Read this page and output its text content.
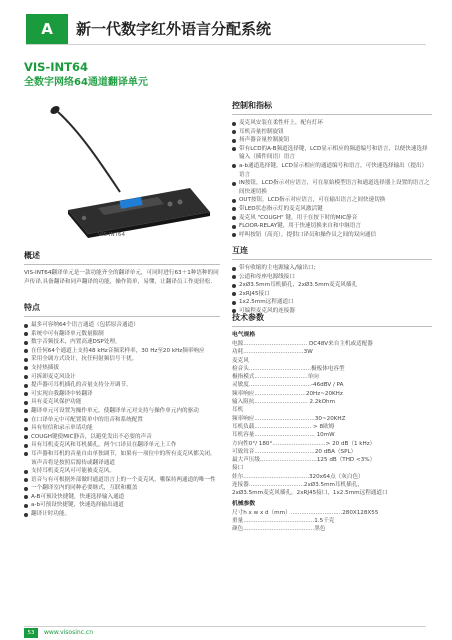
A	新一代数字红外语言分配系统
VIS-INT64
全数字网络64通道翻译单元
VIS-INT64
概述
VIS-INT64翻译单元是一款功能齐全的翻译单元，可同时进行63＋1种语种的同声传译,具备翻译和同声翻译的功能，操作简单，易懂，让翻译员工作更轻松.
特点
最多可容纳64个语言通道（包括原音通道）
系统中可有翻译单元数量限制
数字音频技术，内置高速DSP处理。
在任何64个通道上支持48 kHz音频采样率，30 Hz至20 kHz频率响应
采用全调方式设计，抗任何射频信号干扰。
支持热插拔
可拆卸麦克风设计
提声器可耳机插孔的音量支持分开调节。
可实现自我翻译中转翻译
具有麦克风保护功能
翻译单元可设置为操作单元，使翻译单元对支持与操作单元内的驱动
在口译单元中可配置简单中的语音和系统配置
具有短信和录示单请功能
COUGH键使MIC静音，以避免发出不必要的声音
具有耳机麦克风和耳机插孔，两个口译员在翻译单元上工作
耳声器和耳机的音量自由单独调节，如果有一项位中的所有麦克风都关闭，该声音将是按照后源传或翻译通道
支持耳机麦克风可可能被麦克风。
语音与有可根据外部做时通道语言上的一个麦克风，哪保持两通道的唯一性
一个翻译室内的同种必要继式，互联和覆盖
A-B可预设快捷键，快速选择输入通道
a-b可预设快捷键，快速选择输出通道
翻译计时功能。
控制和指标
麦克风安装在柔性杆上，配有灯环
耳机音量控制旋钮
扬声器音量控制旋钮
带有LCD的A-B频道选择键，LCD显示相应的频道编号和语言，以便快速选择输入（插件间语）语言
a-b通道选择键，LCD显示相应的通道编号和语言，可快速选择输出（提出）语言
IN按钮，LCD指示对应语言，可在原始模型语言和通道选择器上设置的语言之间快速切换
OUT按钮，LCD指示对应语言，可在输出语言之间快速切换
带LED状态指示灯的麦克风激活键
麦克风 "COUGH" 键，用于在按下时的MIC静音
FLOOR-RELAY键，用于快速切换来自和中继语言
呼叫按钮（高亮），提供口译员和操作员之间的双向通信
互连
带有收缩的主电源输入/输出口;
公道和母座电源线接口
2xØ3.5mm耳机插孔，2xØ3.5mm麦克风插孔
2xRJ45接口
1x2.5mm远程通道口
可编程麦克风的连接器
技术参数
电气规格
电源.................................... DC48V来自主机或适配器
功耗..................................3W
麦克风
检音头...................................极板体电容型
极指模式..............................单向
灵敏度...................................-46dBV / PA
频率响应.............................20Hz~20KHz
输入阻抗.............................. 2.2kOhm
耳机
频率响应..................................30~20KHZ
耳机负载................................ > 8欧姆
耳机容量.................................. 10mW
方向性0°/ 180°..............................> 20 dB（1 kHz）
可致耸音..................................20 dBA（SPL）
最大声压级................................125 dB（THD <3%）
接口
娃尔.....................................320x64点（灰白色）
连接器...............................2xØ3.5mm耳机插孔，
2xØ3.5mm麦克风插孔，2xRJ45接口，1x2.5mm远程通道口
机械参数
尺寸h x w x d（mm）.............................280X128X55
重量........................................1.5千克
颜色........................................黑色
53	www.visosinc.cn
